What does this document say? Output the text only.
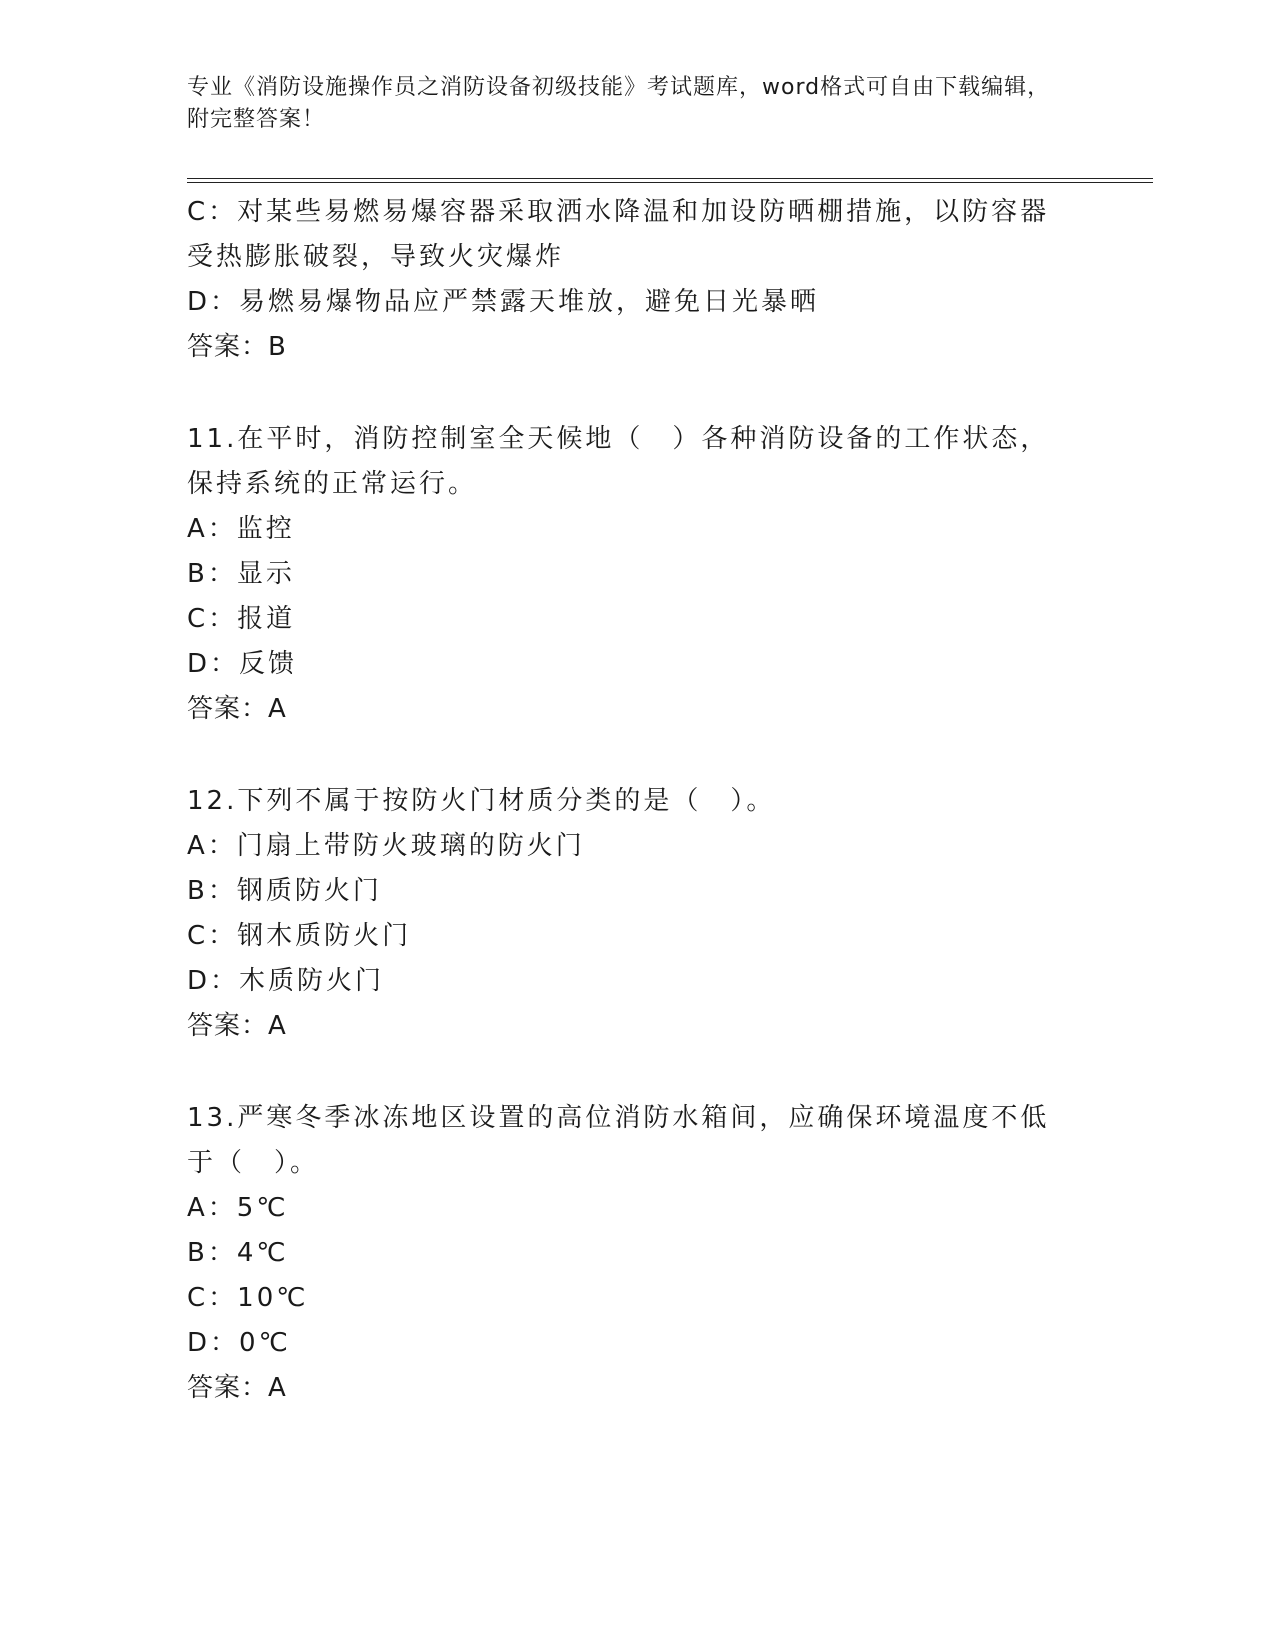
专业《消防设施操作员之消防设备初级技能》考试题库，word格式可自由下载编辑，附完整答案！

C：对某些易燃易爆容器采取洒水降温和加设防晒棚措施，以防容器受热膨胀破裂，导致火灾爆炸

D：易燃易爆物品应严禁露天堆放，避免日光暴晒

答案：B

11.在平时，消防控制室全天候地（　）各种消防设备的工作状态，保持系统的正常运行。

A：监控

B：显示

C：报道

D：反馈

答案：A

12.下列不属于按防火门材质分类的是（　）。

A：门扇上带防火玻璃的防火门

B：钢质防火门

C：钢木质防火门

D：木质防火门

答案：A

13.严寒冬季冰冻地区设置的高位消防水箱间，应确保环境温度不低于（　）。

A：5℃

B：4℃

C：10℃

D：0℃

答案：A
